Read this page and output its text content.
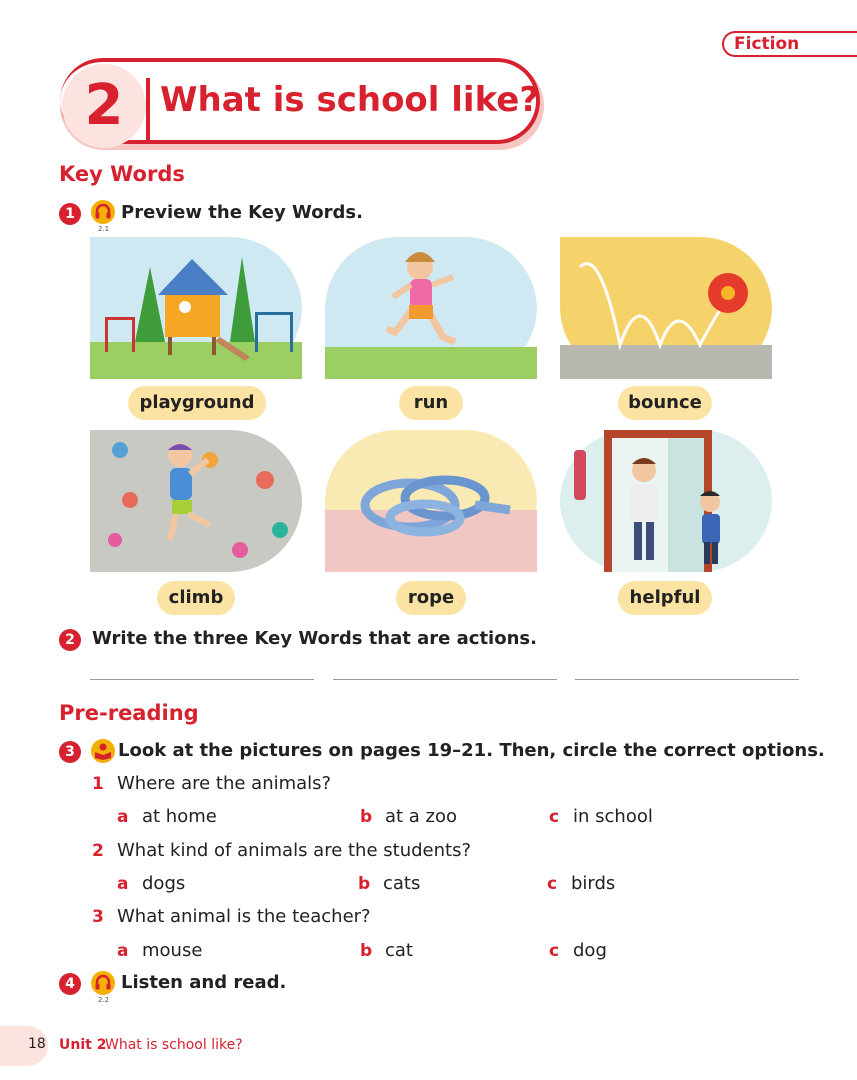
Fiction
2	What is school like?
Key Words
1
2.1
Preview the Key Words.
playground	run	bounce
climb	rope	helpful
2 Write the three Key Words that are actions.
Pre-reading
3	Look at the pictures on pages 19–21. Then, circle the correct options.
1 Where are the animals?
a at home	b at a zoo	c in school
2 What kind of animals are the students?
a dogs	b cats	c birds
3 What animal is the teacher?
a mouse	b cat	c dog
4
2.2
Listen and read.
18 Unit 2
What is school like?
